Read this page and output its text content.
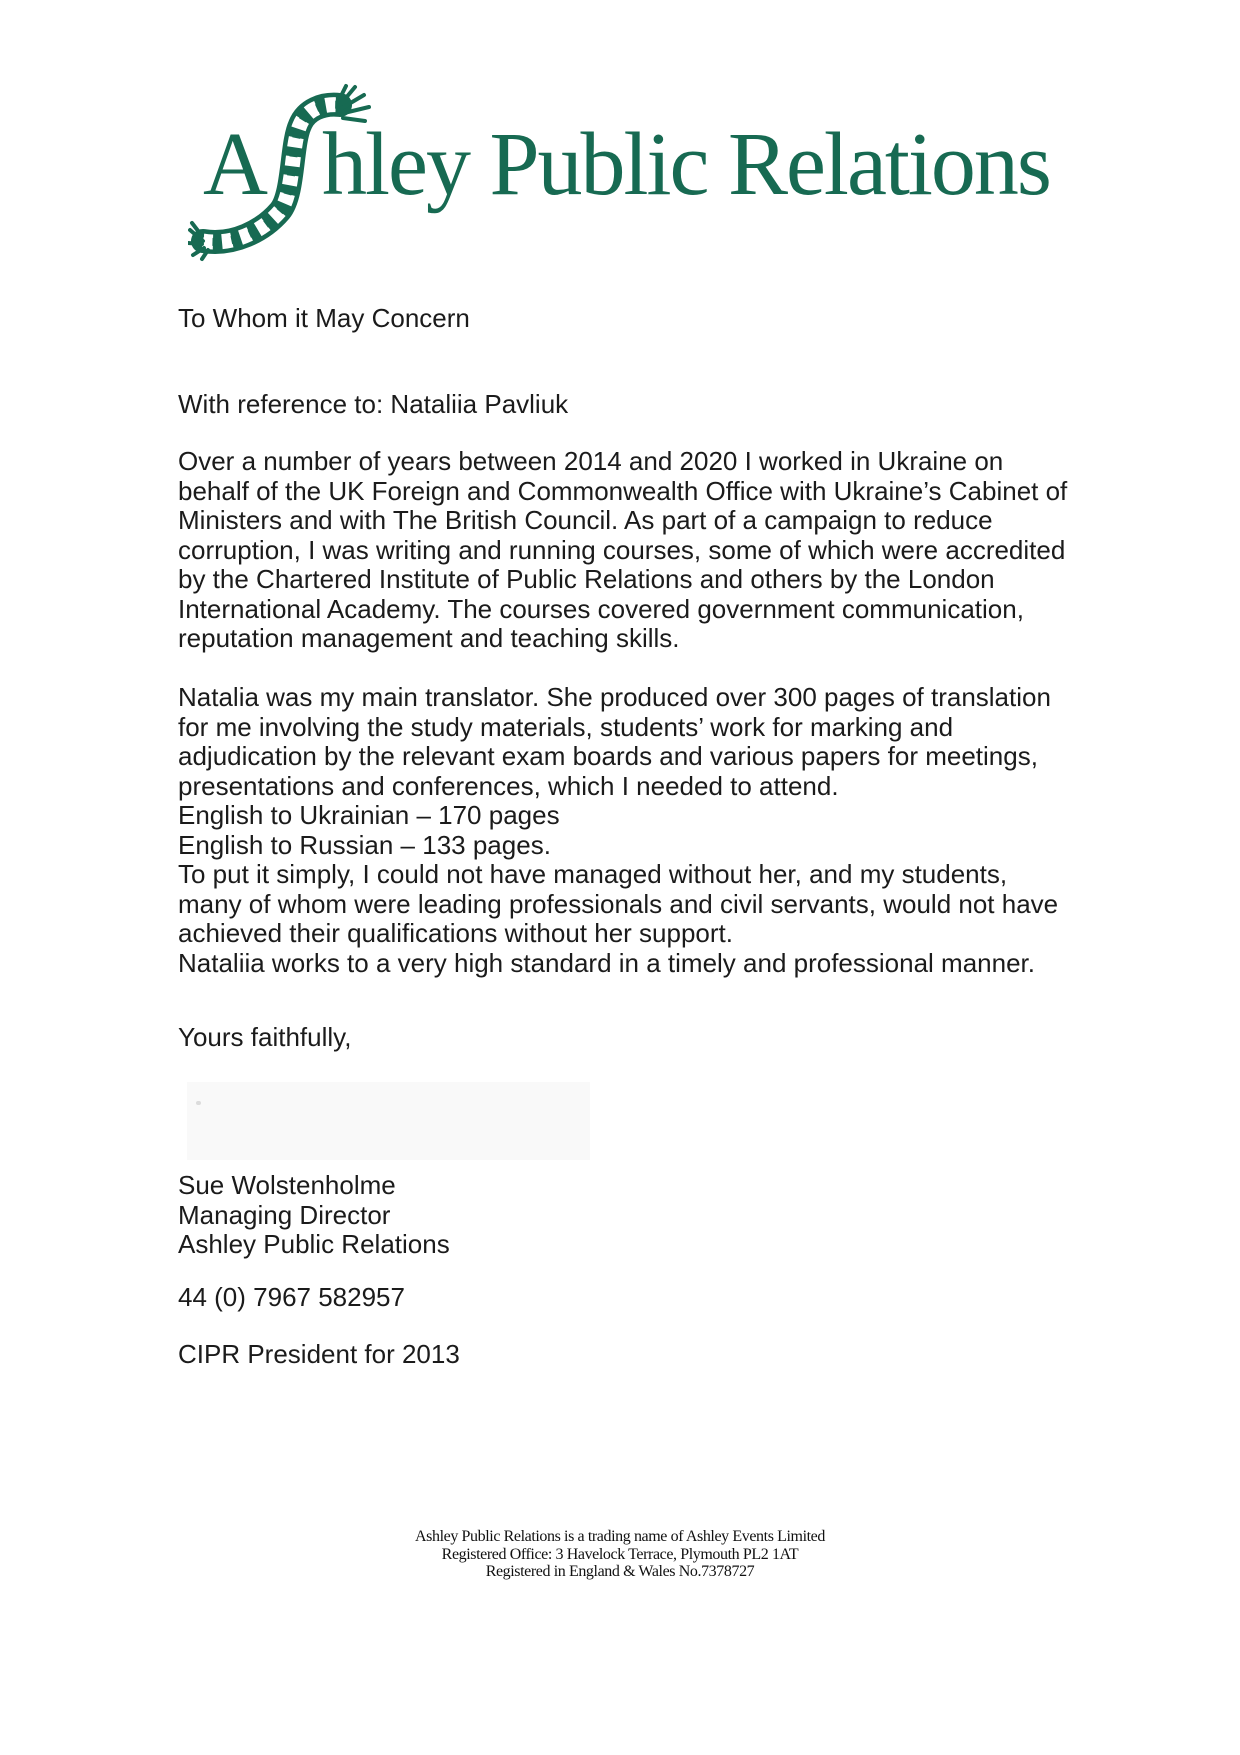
A hley Public Relations
To Whom it May Concern
With reference to: Nataliia Pavliuk
Over a number of years between 2014 and 2020 I worked in Ukraine on
behalf of the UK Foreign and Commonwealth Office with Ukraine’s Cabinet of
Ministers and with The British Council. As part of a campaign to reduce
corruption, I was writing and running courses, some of which were accredited
by the Chartered Institute of Public Relations and others by the London
International Academy. The courses covered government communication,
reputation management and teaching skills.
Natalia was my main translator. She produced over 300 pages of translation
for me involving the study materials, students’ work for marking and
adjudication by the relevant exam boards and various papers for meetings,
presentations and conferences, which I needed to attend.
English to Ukrainian – 170 pages
English to Russian – 133 pages.
To put it simply, I could not have managed without her, and my students,
many of whom were leading professionals and civil servants, would not have
achieved their qualifications without her support.
Nataliia works to a very high standard in a timely and professional manner.
Yours faithfully,
Sue Wolstenholme
Managing Director
Ashley Public Relations
44 (0) 7967 582957
CIPR President for 2013
Ashley Public Relations is a trading name of Ashley Events Limited
Registered Office: 3 Havelock Terrace, Plymouth PL2 1AT
Registered in England & Wales No.7378727
